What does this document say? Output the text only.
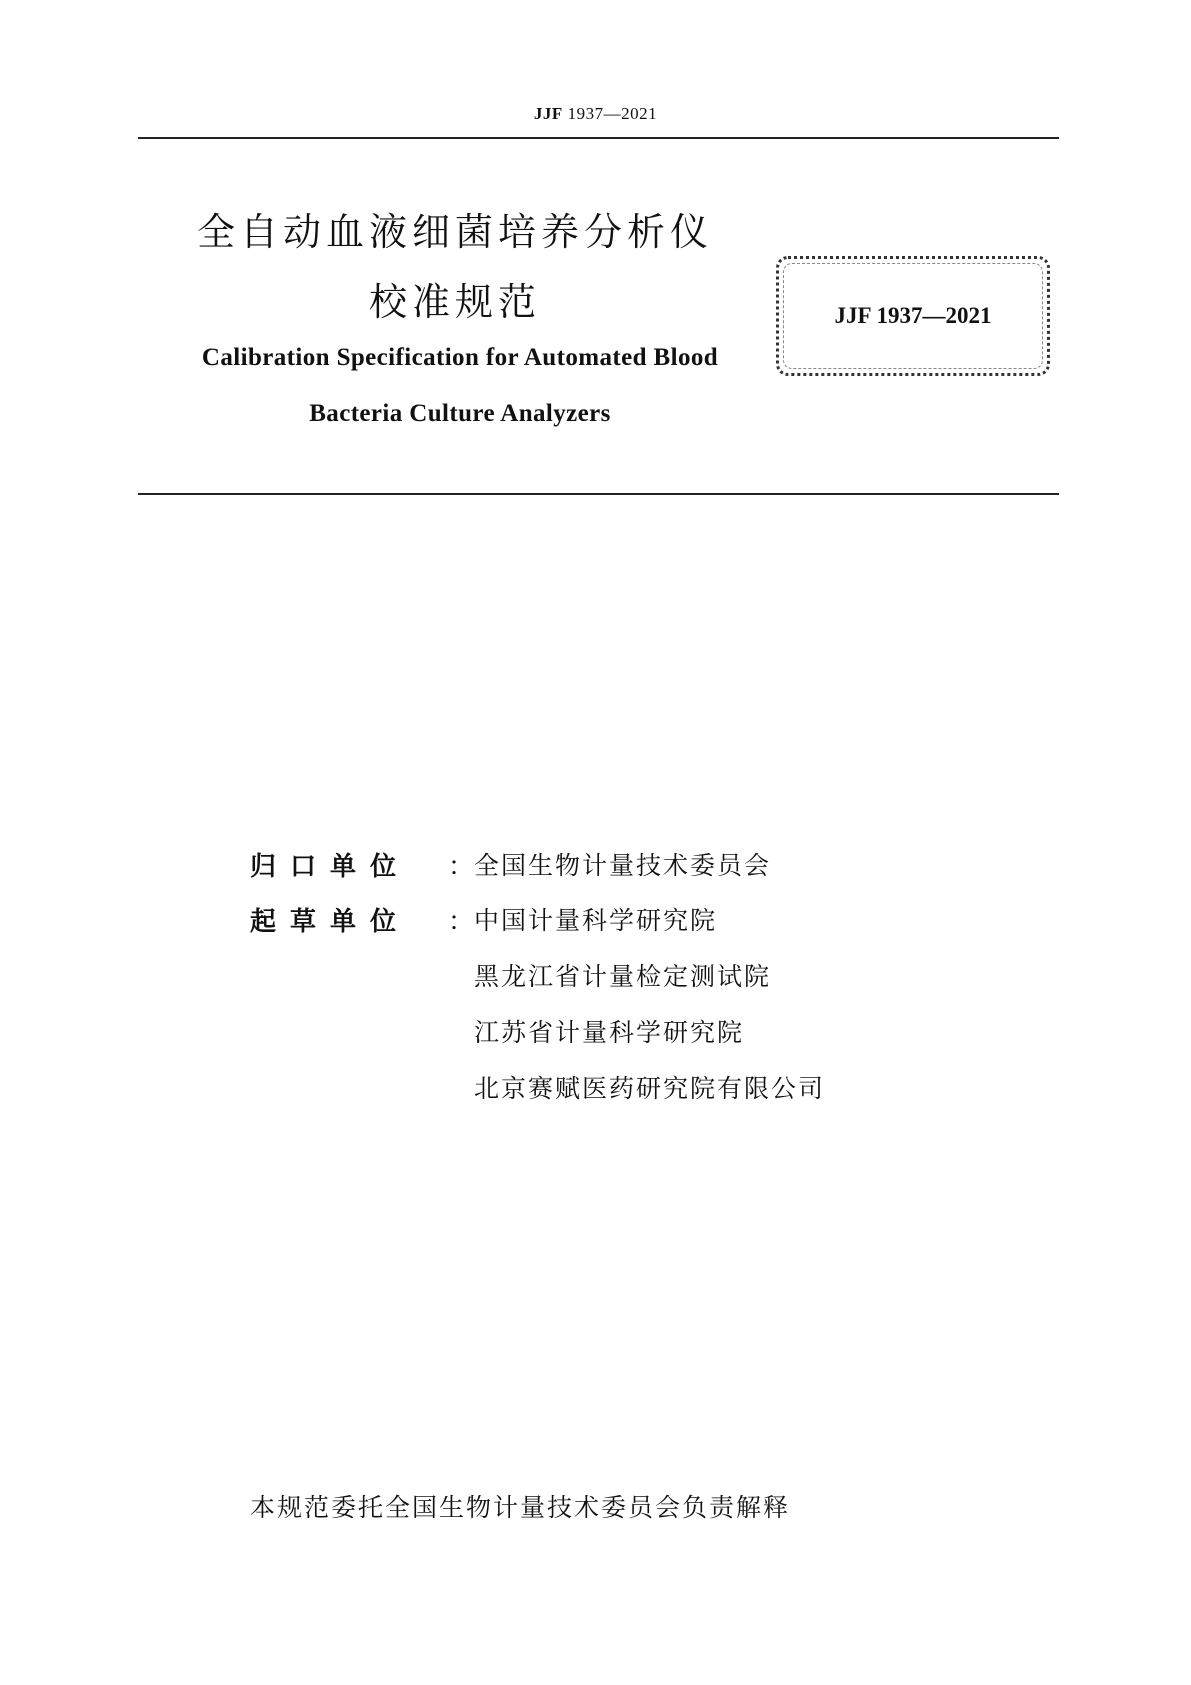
JJF 1937—2021
全自动血液细菌培养分析仪
校准规范
Calibration Specification for Automated Blood
Bacteria Culture Analyzers
JJF 1937—2021
归口单位	： 全国生物计量技术委员会
起草单位	： 中国计量科学研究院
黑龙江省计量检定测试院
江苏省计量科学研究院
北京赛赋医药研究院有限公司
本规范委托全国生物计量技术委员会负责解释
